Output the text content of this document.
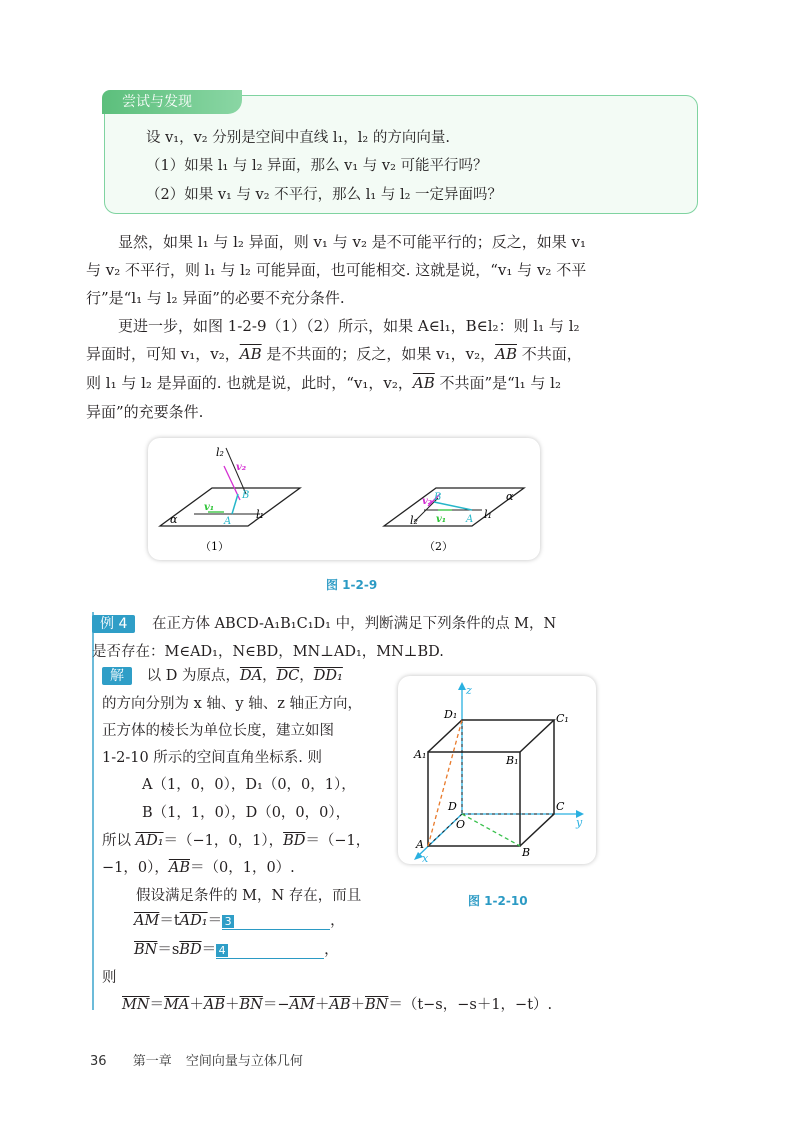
尝试与发现
设 v₁，v₂ 分别是空间中直线 l₁，l₂ 的方向向量.
（1）如果 l₁ 与 l₂ 异面，那么 v₁ 与 v₂ 可能平行吗？
（2）如果 v₁ 与 v₂ 不平行，那么 l₁ 与 l₂ 一定异面吗？
显然，如果 l₁ 与 l₂ 异面，则 v₁ 与 v₂ 是不可能平行的；反之，如果 v₁
与 v₂ 不平行，则 l₁ 与 l₂ 可能异面，也可能相交. 这就是说，“v₁ 与 v₂ 不平
行”是“l₁ 与 l₂ 异面”的必要不充分条件.
更进一步，如图 1-2-9（1）（2）所示，如果 A∈l₁，B∈l₂：则 l₁ 与 l₂
异面时，可知 v₁，v₂，$\overline{AB}$ 是不共面的；反之，如果 v₁，v₂，$\overline{AB}$ 不共面，
则 l₁ 与 l₂ 是异面的. 也就是说，此时，“v₁，v₂，$\overline{AB}$ 不共面”是“l₁ 与 l₂
异面”的充要条件.
l₂
v₂
B
v₁
A
l₁
α
（1）
B
v₂
v₁ A l₁
l₂
α
（2）
图 1-2-9
例 4 在正方体 ABCD-A₁B₁C₁D₁ 中，判断满足下列条件的点 M，N
是否存在：M∈AD₁，N∈BD，MN⊥AD₁，MN⊥BD.
解 以 D 为原点，$\overline{DA}$，$\overline{DC}$，DD₁
的方向分别为 x 轴、y 轴、z 轴正方向，
正方体的棱长为单位长度，建立如图
1-2-10 所示的空间直角坐标系. 则
A（1，0，0），D₁（0，0，1），
B（1，1，0），D（0，0，0），
所以 AD₁＝（−1，0，1），$\overline{BD}=(-1$，
−1，0），$\overline{AB}=(0$，1，0）.
假设满足条件的 M，N 存在，而且
$\overline{AM}=tAD_1= 3$	，
$\overline{BN}=s\overline{BD}= 4$	，
则
$\overline{MN}=\overline{MA}+\overline{AB}+\overline{BN}=-\overline{AM}+\overline{AB}+\overline{BN}=(t-s$，−s＋1，−t）.
z
D₁	C₁
A₁	B₁
D	C
O	y
A
B
x
图 1-2-10
36 第一章 空间向量与立体几何
